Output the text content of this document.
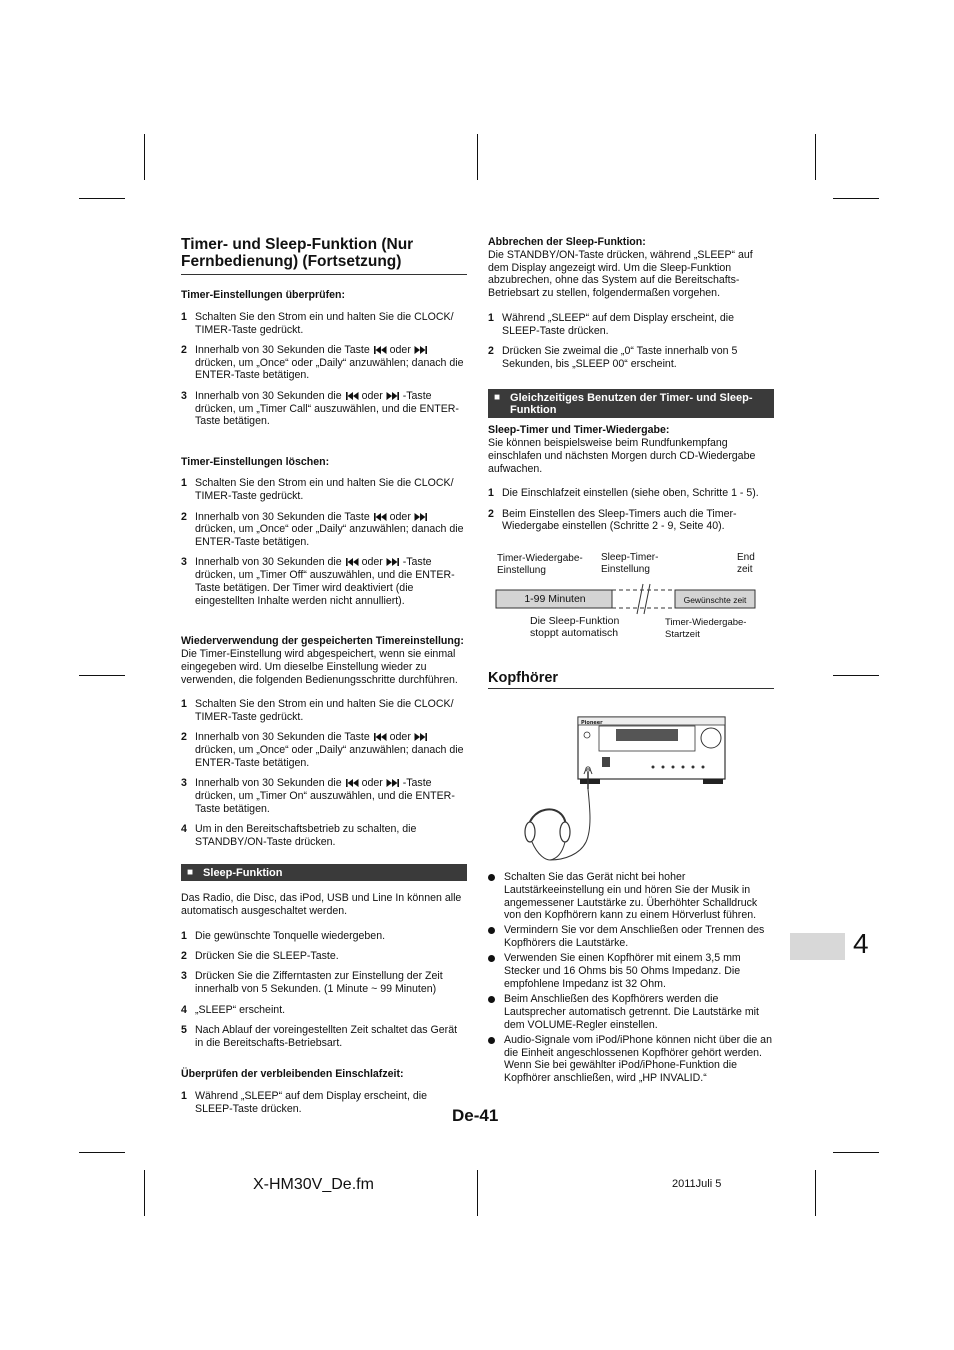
Timer- und Sleep-Funktion (Nur Fernbedienung) (Fortsetzung)
Timer-Einstellungen überprüfen:
1 Schalten Sie den Strom ein und halten Sie die CLOCK/ TIMER-Taste gedrückt.
2 Innerhalb von 30 Sekunden die Taste oder  drücken, um „Once“ oder „Daily“ anzuwählen; danach die ENTER-Taste betätigen.
3 Innerhalb von 30 Sekunden die oder -Taste drücken, um „Timer Call“ auszuwählen, und die ENTER-Taste betätigen.
Timer-Einstellungen löschen:
1 Schalten Sie den Strom ein und halten Sie die CLOCK/ TIMER-Taste gedrückt.
2 Innerhalb von 30 Sekunden die Taste oder  drücken, um „Once“ oder „Daily“ anzuwählen; danach die ENTER-Taste betätigen.
3 Innerhalb von 30 Sekunden die oder -Taste drücken, um „Timer Off“ auszuwählen, und die ENTER-Taste betätigen. Der Timer wird deaktiviert (die eingestellten Inhalte werden nicht annulliert).
Wiederverwendung der gespeicherten Timereinstellung:

Die Timer-Einstellung wird abgespeichert, wenn sie einmal eingegeben wird. Um dieselbe Einstellung wieder zu verwenden, die folgenden Bedienungsschritte durchführen.

1 Schalten Sie den Strom ein und halten Sie die CLOCK/ TIMER-Taste gedrückt.
2 Innerhalb von 30 Sekunden die Taste oder  drücken, um „Once“ oder „Daily“ anzuwählen; danach die ENTER-Taste betätigen.
3 Innerhalb von 30 Sekunden die oder -Taste drücken, um „Timer On“ auszuwählen, und die ENTER-Taste betätigen.
4 Um in den Bereitschaftsbetrieb zu schalten, die STANDBY/ON-Taste drücken.
■ Sleep-Funktion

Das Radio, die Disc, das iPod, USB und Line In können alle automatisch ausgeschaltet werden.

1 Die gewünschte Tonquelle wiedergeben.
2 Drücken Sie die SLEEP-Taste.
3 Drücken Sie die Zifferntasten zur Einstellung der Zeit innerhalb von 5 Sekunden. (1 Minute ~ 99 Minuten)
4 „SLEEP“ erscheint.
5 Nach Ablauf der voreingestellten Zeit schaltet das Gerät in die Bereitschafts-Betriebsart.
Überprüfen der verbleibenden Einschlafzeit:
1 Während „SLEEP“ auf dem Display erscheint, die SLEEP-Taste drücken.
Abbrechen der Sleep-Funktion:

Die STANDBY/ON-Taste drücken, während „SLEEP“ auf dem Display angezeigt wird. Um die Sleep-Funktion abzubrechen, ohne das System auf die Bereitschafts-Betriebsart zu stellen, folgendermaßen vorgehen.

1 Während „SLEEP“ auf dem Display erscheint, die SLEEP-Taste drücken.
2 Drücken Sie zweimal die „0“ Taste innerhalb von 5 Sekunden, bis „SLEEP 00“ erscheint.
■ Gleichzeitiges Benutzen der Timer- und Sleep-Funktion
Sleep-Timer und Timer-Wiedergabe:

Sie können beispielsweise beim Rundfunkempfang einschlafen und nächsten Morgen durch CD-Wiedergabe aufwachen.

1 Die Einschlafzeit einstellen (siehe oben, Schritte 1 - 5).
2 Beim Einstellen des Sleep-Timers auch die Timer-Wiedergabe einstellen (Schritte 2 - 9, Seite 40).
Timer-Wiedergabe- Einstellung
Sleep-Timer- Einstellung
End zeit
1-99 Minuten	Gewünschte zeit
Die Sleep-Funktion stoppt automatisch
Timer-Wiedergabe- Startzeit
Kopfhörer
Pioneer
Schalten Sie das Gerät nicht bei hoher Lautstärkeeinstellung ein und hören Sie der Musik in angemessener Lautstärke zu. Überhöhter Schalldruck von den Kopfhörern kann zu einem Hörverlust führen.
Vermindern Sie vor dem Anschließen oder Trennen des Kopfhörers die Lautstärke.
Verwenden Sie einen Kopfhörer mit einem 3,5 mm Stecker und 16 Ohms bis 50 Ohms Impedanz. Die empfohlene Impedanz ist 32 Ohm.
Beim Anschließen des Kopfhörers werden die Lautsprecher automatisch getrennt. Die Lautstärke mit dem VOLUME-Regler einstellen.
Audio-Signale vom iPod/iPhone können nicht über die an die Einheit angeschlossenen Kopfhörer gehört werden. Wenn Sie bei gewählter iPod/iPhone-Funktion die Kopfhörer anschließen, wird „HP INVALID.“
4
De-41
X-HM30V_De.fm	2011Juli 5
